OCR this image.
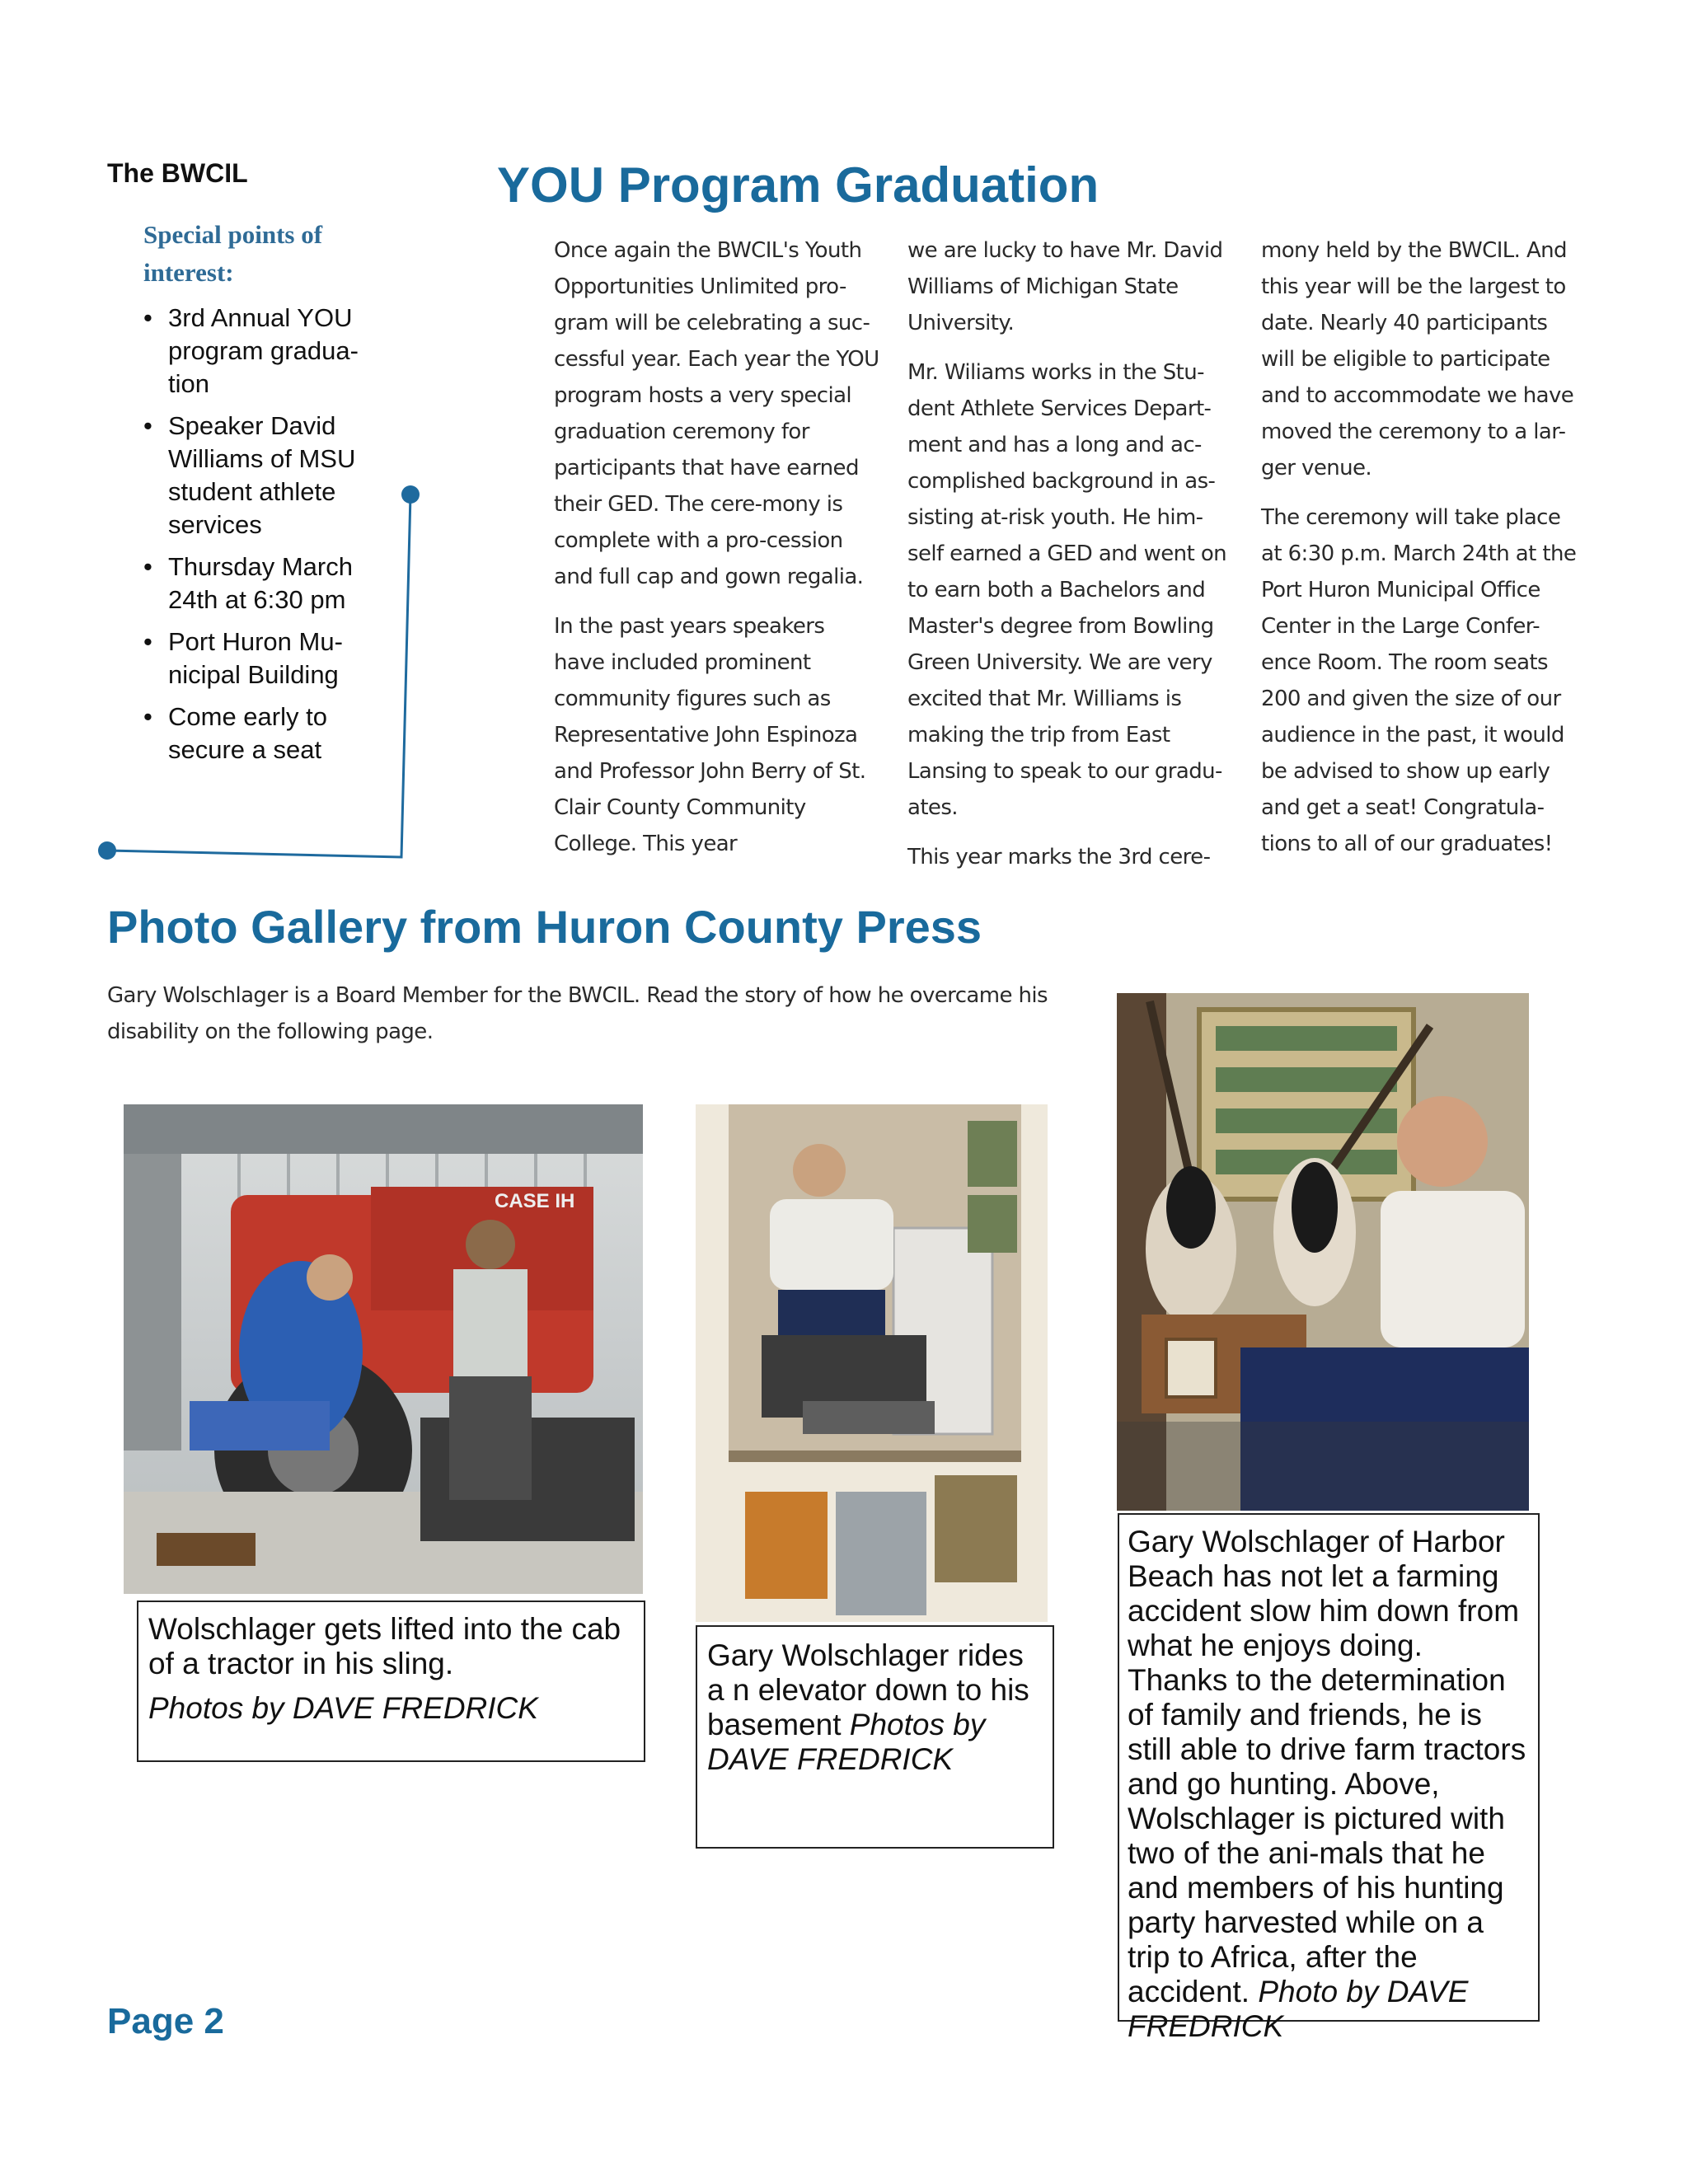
The BWCIL
Special points of interest:
• 3rd Annual YOU program gradua-tion
• Speaker David Williams of MSU student athlete services
• Thursday March 24th at 6:30 pm
• Port Huron Mu-nicipal Building
• Come early to secure a seat
YOU Program Graduation

Once again the BWCIL's Youth Opportunities Unlimited pro-gram will be celebrating a suc-cessful year. Each year the YOU program hosts a very special graduation ceremony for participants that have earned their GED. The cere-mony is complete with a pro-cession and full cap and gown regalia.

In the past years speakers have included prominent community figures such as Representative John Espinoza and Professor John Berry of St. Clair County Community College. This year

we are lucky to have Mr. David Williams of Michigan State University.

Mr. Wiliams works in the Stu-dent Athlete Services Depart-ment and has a long and ac-complished background in as-sisting at-risk youth. He him-self earned a GED and went on to earn both a Bachelors and Master's degree from Bowling Green University. We are very excited that Mr. Williams is making the trip from East Lansing to speak to our gradu-ates.

This year marks the 3rd cere-

mony held by the BWCIL. And this year will be the largest to date. Nearly 40 participants will be eligible to participate and to accommodate we have moved the ceremony to a lar-ger venue.

The ceremony will take place at 6:30 p.m. March 24th at the Port Huron Municipal Office Center in the Large Confer-ence Room. The room seats 200 and given the size of our audience in the past, it would be advised to show up early and get a seat! Congratula-tions to all of our graduates!

Photo Gallery from Huron County Press
Gary Wolschlager is a Board Member for the BWCIL. Read the story of how he overcame his disability on the following page.
CASE IH
Wolschlager gets lifted into the cab of a tractor in his sling.
Photos by DAVE FREDRICK
Gary Wolschlager rides a n elevator down to his basement Photos by DAVE FREDRICK
Gary Wolschlager of Harbor Beach has not let a farming accident slow him down from what he enjoys doing. Thanks to the determination of family and friends, he is still able to drive farm tractors and go hunting. Above, Wolschlager is pictured with two of the ani-mals that he and members of his hunting party harvested while on a trip to Africa, after the accident. Photo by DAVE FREDRICK
Page 2
